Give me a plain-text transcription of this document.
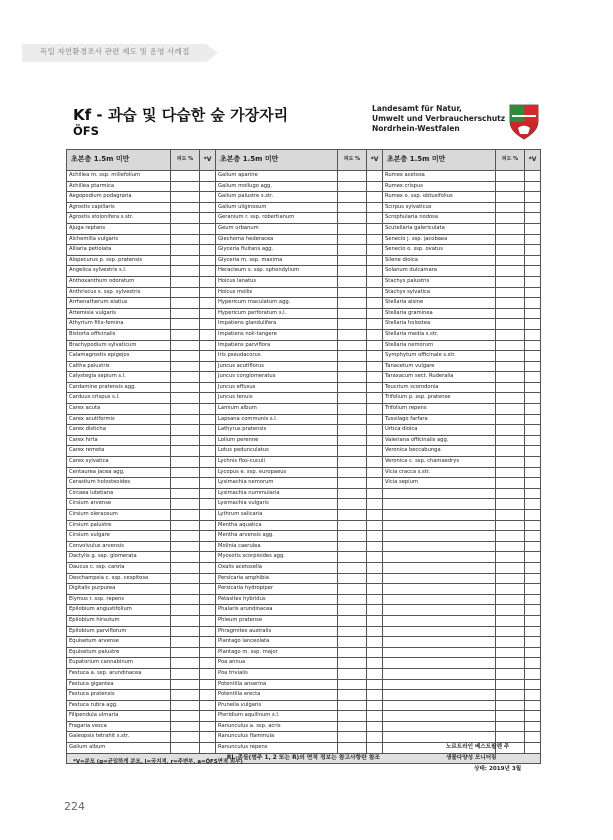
독일 자연환경조사 관련 제도 및 운영 사례집
Kf - 과습 및 다습한 숲 가장자리
ÖFS
Landesamt für Natur,
Umwelt und Verbraucherschutz
Nordrhein-Westfalen
초본층 1.5m 미만	피도 %	*V	초본층 1.5m 미만	피도 %	*V	초본층 1.5m 미만	피도 %	*V
Achillea m. ssp. millefolium			Galium aparine			Rumex acetosa		
Achillea ptarmica			Galium mollugo agg.			Rumex crispus		
Aegopodium podagraria			Galium palustre s.str.			Rumex o. ssp. obtusifolius		
Agrostis capillaris			Galium uliginosum			Scirpus sylvaticus		
Agrostis stolonifera s.str.			Geranium r. ssp. robertianum			Scrophularia nodosa		
Ajuga reptans			Geum urbanum			Scutellaria galericulata		
Alchemilla vulgaris			Glechoma hederacea			Senecio j. ssp. jacobaea		
Alliaria petiolata			Glyceria fluitans agg.			Senecio o. ssp. ovatus		
Alopecurus p. ssp. pratensis			Glyceria m. ssp. maxima			Silene dioica		
Angelica sylvestris s.l.			Heracleum s. ssp. sphondylium			Solanum dulcamara		
Anthoxanthum odoratum			Holcus lanatus			Stachys palustris		
Anthriscus s. ssp. sylvestris			Holcus mollis			Stachys sylvatica		
Arrhenatherum elatius			Hypericum maculatum agg.			Stellaria alsine		
Artemisia vulgaris			Hypericum perforatum s.l.			Stellaria graminea		
Athyrium filix-femina			Impatiens glandulifera			Stellaria holostea		
Bistorta officinalis			Impatiens noli-tangere			Stellaria media s.str.		
Brachypodium sylvaticum			Impatiens parviflora			Stellaria nemorum		
Calamagrostis epigejos			Iris pseudacorus			Symphytum officinale s.str.		
Caltha palustris			Juncus acutiflorus			Tanacetum vulgare		
Calystegia sepium s.l.			Juncus conglomeratus			Taraxacum sect. Ruderalia		
Cardamine pratensis agg.			Juncus effusus			Teucrium scorodonia		
Carduus crispus s.l.			Juncus tenuis			Trifolium p. ssp. pratense		
Carex acuta			Lamium album			Trifolium repens		
Carex acutiformis			Lapsana communis s.l.			Tussilago farfara		
Carex disticha			Lathyrus pratensis			Urtica dioica		
Carex hirta			Lolium perenne			Valeriana officinalis agg.		
Carex remota			Lotus pedunculatus			Veronica beccabunga		
Carex sylvatica			Lychnis flos-cuculi			Veronica c. ssp. chamaedrys		
Centaurea jacea agg.			Lycopus e. ssp. europaeus			Vicia cracca s.str.		
Cerastium holosteoides			Lysimachia nemorum			Vicia sepium		
Circaea lutetiana			Lysimachia nummularia					
Cirsium arvense			Lysimachia vulgaris					
Cirsium oleraceum			Lythrum salicaria					
Cirsium palustre			Mentha aquatica					
Cirsium vulgare			Mentha arvensis agg.					
Convolvulus arvensis			Molinia caerulea					
Dactylis g. ssp. glomerata			Myosotis scorpioides agg.					
Daucus c. ssp. carota			Oxalis acetosella					
Deschampsia c. ssp. cespitosa			Persicaria amphibia					
Digitalis purpurea			Persicaria hydropiper					
Elymus r. ssp. repens			Petasites hybridus					
Epilobium angustifolium			Phalaris arundinacea					
Epilobium hirsutum			Phleum pratense					
Epilobium parviflorum			Phragmites australis					
Equisetum arvense			Plantago lanceolata					
Equisetum palustre			Plantago m. ssp. major					
Eupatorium cannabinum			Poa annua					
Festuca a. ssp. arundinacea			Poa trivialis					
Festuca gigantea			Potentilla anserina					
Festuca pratensis			Potentilla erecta					
Festuca rubra agg.			Prunella vulgaris					
Filipendula ulmaria			Pteridium aquilinum s.l.					
Fragaria vesca			Ranunculus a. ssp. acris					
Galeopsis tetrahit s.str.			Ranunculus flammula					
Galium album			Ranunculus repens					
RL-종들(범주 1, 2 또는 R)의 면적 정보는 참고사항란 참조								
*V=분포 (g=균일하게 분포, l=국지적, r=주변부, a=ÖFS면적 외부)
노르트라인 베스트팔렌 주
생물다양성 모니터링
상태: 2019년 3월
224
